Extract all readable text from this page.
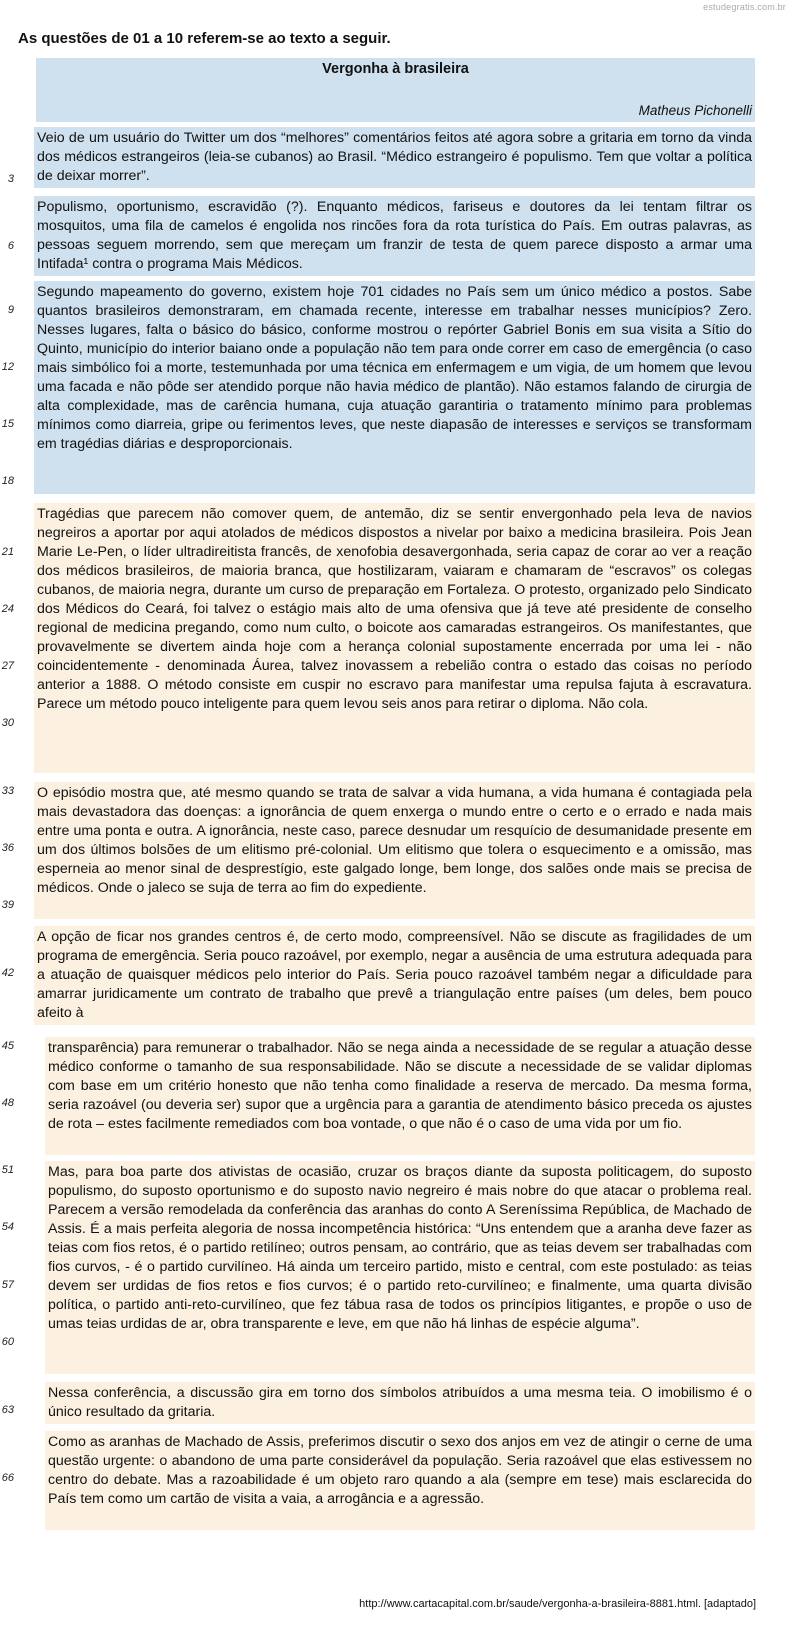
estudegratis.com.br
As questões de 01 a 10 referem-se ao texto a seguir.
Vergonha à brasileira
Matheus Pichonelli

Veio de um usuário do Twitter um dos “melhores” comentários feitos até agora sobre a gritaria em torno da vinda dos médicos estrangeiros (leia-se cubanos) ao Brasil. “Médico estrangeiro é populismo. Tem que voltar a política de deixar morrer”.

Populismo, oportunismo, escravidão (?). Enquanto médicos, fariseus e doutores da lei tentam filtrar os mosquitos, uma fila de camelos é engolida nos rincões fora da rota turística do País. Em outras palavras, as pessoas seguem morrendo, sem que mereçam um franzir de testa de quem parece disposto a armar uma Intifada¹ contra o programa Mais Médicos.

Segundo mapeamento do governo, existem hoje 701 cidades no País sem um único médico a postos. Sabe quantos brasileiros demonstraram, em chamada recente, interesse em trabalhar nesses municípios? Zero. Nesses lugares, falta o básico do básico, conforme mostrou o repórter Gabriel Bonis em sua visita a Sítio do Quinto, município do interior baiano onde a população não tem para onde correr em caso de emergência (o caso mais simbólico foi a morte, testemunhada por uma técnica em enfermagem e um vigia, de um homem que levou uma facada e não pôde ser atendido porque não havia médico de plantão). Não estamos falando de cirurgia de alta complexidade, mas de carência humana, cuja atuação garantiria o tratamento mínimo para problemas mínimos como diarreia, gripe ou ferimentos leves, que neste diapasão de interesses e serviços se transformam em tragédias diárias e desproporcionais.

Tragédias que parecem não comover quem, de antemão, diz se sentir envergonhado pela leva de navios negreiros a aportar por aqui atolados de médicos dispostos a nivelar por baixo a medicina brasileira. Pois Jean Marie Le-Pen, o líder ultradireitista francês, de xenofobia desavergonhada, seria capaz de corar ao ver a reação dos médicos brasileiros, de maioria branca, que hostilizaram, vaiaram e chamaram de “escravos” os colegas cubanos, de maioria negra, durante um curso de preparação em Fortaleza. O protesto, organizado pelo Sindicato dos Médicos do Ceará, foi talvez o estágio mais alto de uma ofensiva que já teve até presidente de conselho regional de medicina pregando, como num culto, o boicote aos camaradas estrangeiros. Os manifestantes, que provavelmente se divertem ainda hoje com a herança colonial supostamente encerrada por uma lei - não coincidentemente - denominada Áurea, talvez inovassem a rebelião contra o estado das coisas no período anterior a 1888. O método consiste em cuspir no escravo para manifestar uma repulsa fajuta à escravatura. Parece um método pouco inteligente para quem levou seis anos para retirar o diploma. Não cola.

O episódio mostra que, até mesmo quando se trata de salvar a vida humana, a vida humana é contagiada pela mais devastadora das doenças: a ignorância de quem enxerga o mundo entre o certo e o errado e nada mais entre uma ponta e outra. A ignorância, neste caso, parece desnudar um resquício de desumanidade presente em um dos últimos bolsões de um elitismo pré-colonial. Um elitismo que tolera o esquecimento e a omissão, mas esperneia ao menor sinal de desprestígio, este galgado longe, bem longe, dos salões onde mais se precisa de médicos. Onde o jaleco se suja de terra ao fim do expediente.

A opção de ficar nos grandes centros é, de certo modo, compreensível. Não se discute as fragilidades de um programa de emergência. Seria pouco razoável, por exemplo, negar a ausência de uma estrutura adequada para a atuação de quaisquer médicos pelo interior do País. Seria pouco razoável também negar a dificuldade para amarrar juridicamente um contrato de trabalho que prevê a triangulação entre países (um deles, bem pouco afeito à

transparência) para remunerar o trabalhador. Não se nega ainda a necessidade de se regular a atuação desse médico conforme o tamanho de sua responsabilidade. Não se discute a necessidade de se validar diplomas com base em um critério honesto que não tenha como finalidade a reserva de mercado. Da mesma forma, seria razoável (ou deveria ser) supor que a urgência para a garantia de atendimento básico preceda os ajustes de rota – estes facilmente remediados com boa vontade, o que não é o caso de uma vida por um fio.

Mas, para boa parte dos ativistas de ocasião, cruzar os braços diante da suposta politicagem, do suposto populismo, do suposto oportunismo e do suposto navio negreiro é mais nobre do que atacar o problema real. Parecem a versão remodelada da conferência das aranhas do conto A Sereníssima República, de Machado de Assis. É a mais perfeita alegoria de nossa incompetência histórica: “Uns entendem que a aranha deve fazer as teias com fios retos, é o partido retilíneo; outros pensam, ao contrário, que as teias devem ser trabalhadas com fios curvos, - é o partido curvilíneo. Há ainda um terceiro partido, misto e central, com este postulado: as teias devem ser urdidas de fios retos e fios curvos; é o partido reto-curvilíneo; e finalmente, uma quarta divisão política, o partido anti-reto-curvilíneo, que fez tábua rasa de todos os princípios litigantes, e propõe o uso de umas teias urdidas de ar, obra transparente e leve, em que não há linhas de espécie alguma”.

Nessa conferência, a discussão gira em torno dos símbolos atribuídos a uma mesma teia. O imobilismo é o único resultado da gritaria.

Como as aranhas de Machado de Assis, preferimos discutir o sexo dos anjos em vez de atingir o cerne de uma questão urgente: o abandono de uma parte considerável da população. Seria razoável que elas estivessem no centro do debate. Mas a razoabilidade é um objeto raro quando a ala (sempre em tese) mais esclarecida do País tem como um cartão de visita a vaia, a arrogância e a agressão.

3
6
9
12
15
18
21
24
27
30
33
36
39
42
45
48
51
54
57
60
63
66
http://www.cartacapital.com.br/saude/vergonha-a-brasileira-8881.html. [adaptado]
